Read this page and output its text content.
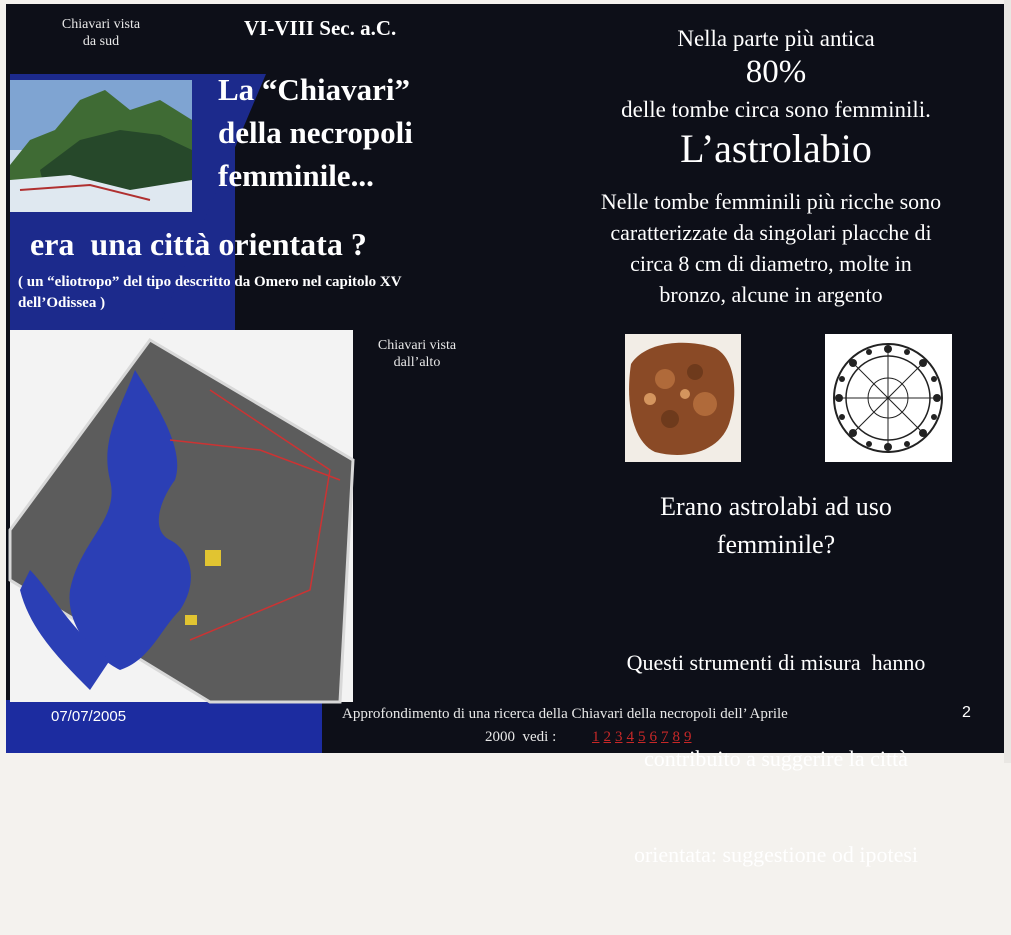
Chiavari vista
da sud

VI-VIII Sec. a.C.

La “Chiavari”
della necropoli
femminile...

era  una città orientata ?

( un “eliotropo” del tipo descritto da Omero nel capitolo XV
dell’Odissea )
Chiavari vista
dall’alto

Nella parte più antica

80%

delle tombe circa sono femminili.

L’astrolabio

Nelle tombe femminili più ricche sono
caratterizzate da singolari placche di
circa 8 cm di diametro, molte in
bronzo, alcune in argento
Erano astrolabi ad uso
femminile?

Questi strumenti di misura  hanno

contribuito a suggerire la città

orientata: suggestione od ipotesi

07/07/2005	Approfondimento di una ricerca della Chiavari della necropoli dell’ Aprile

2000  vedi : 1 2 3 4 5 6 7 8 9

2
